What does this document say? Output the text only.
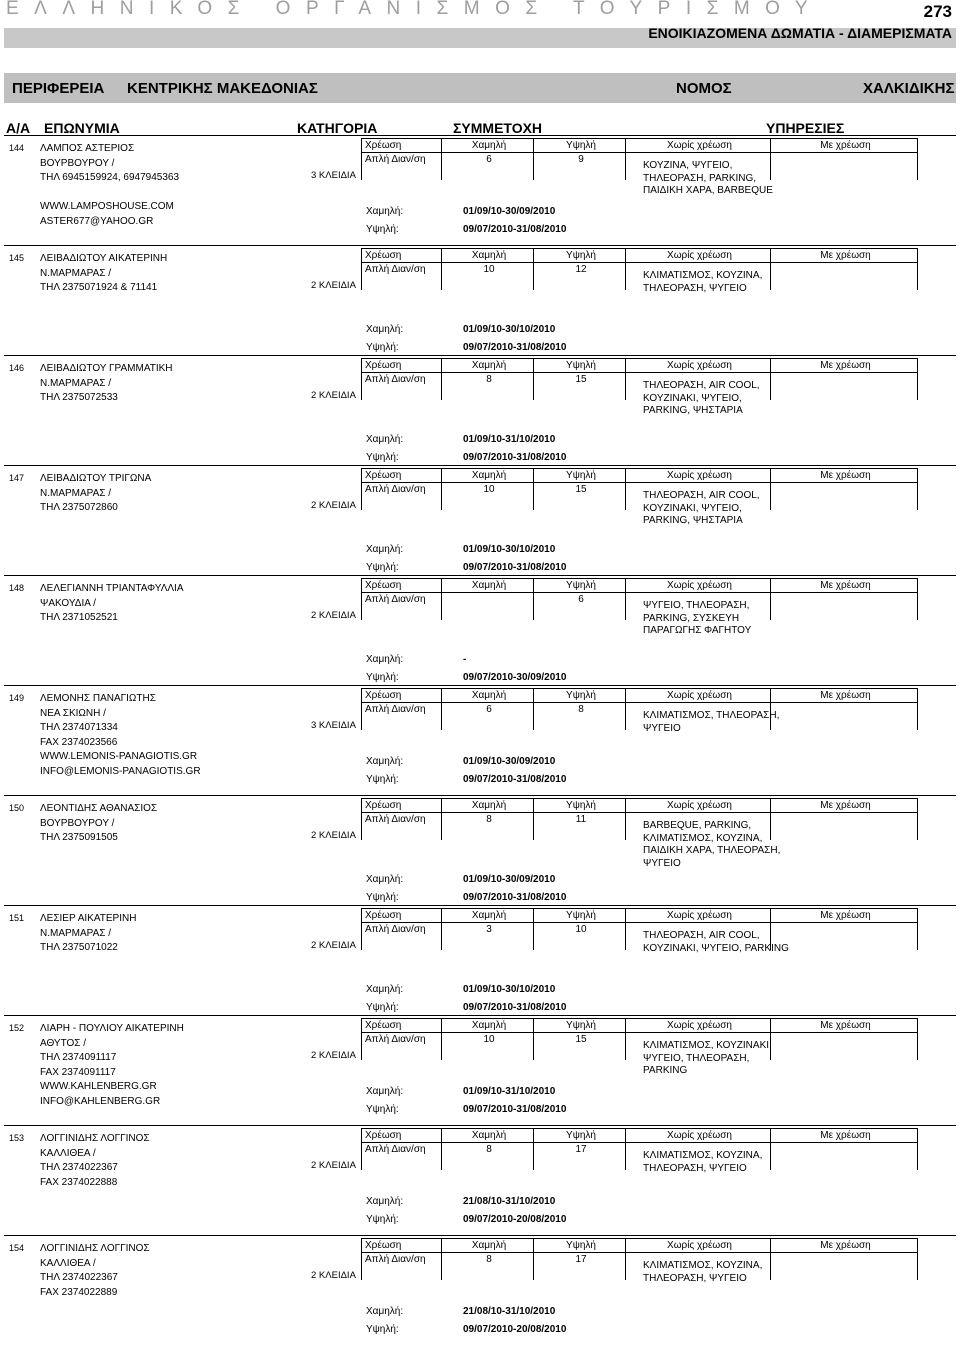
ΕΛΛΗΝΙΚΟΣ ΟΡΓΑΝΙΣΜΟΣ ΤΟΥΡΙΣΜΟΥ	273
ΕΝΟΙΚΙΑΖΟΜΕΝΑ ΔΩΜΑΤΙΑ - ΔΙΑΜΕΡΙΣΜΑΤΑ
ΠΕΡΙΦΕΡΕΙΑ ΚΕΝΤΡΙΚΗΣ ΜΑΚΕΔΟΝΙΑΣ	ΝΟΜΟΣ	ΧΑΛΚΙΔΙΚΗΣ
Α/Α ΕΠΩΝΥΜΙΑ	ΚΑΤΗΓΟΡΙΑ	ΣΥΜΜΕΤΟΧΗ	ΥΠΗΡΕΣΙΕΣ
144 ΛΑΜΠΟΣ ΑΣΤΕΡΙΟΣ
ΒΟΥΡΒΟΥΡΟΥ /
ΤΗΛ 6945159924, 6947945363
WWW.LAMPOSHOUSE.COM
ASTER677@YAHOO.GR
3 ΚΛΕΙΔΙΑ
Χρέωση	Χαμηλή	Υψηλή	Χωρίς χρέωση	Με χρέωση
Απλή Διαν/ση	6	9		

ΚΟΥΖΙΝΑ, ΨΥΓΕΙΟ,
ΤΗΛΕΟΡΑΣΗ, PARKING,
ΠΑΙΔΙΚΗ ΧΑΡΑ, BARBEQUE
Χαμηλή:	01/09/10-30/09/2010
Υψηλή:	09/07/2010-31/08/2010
145 ΛΕΙΒΑΔΙΩΤΟΥ ΑΙΚΑΤΕΡΙΝΗ
Ν.ΜΑΡΜΑΡΑΣ /
ΤΗΛ 2375071924 & 71141	2 ΚΛΕΙΔΙΑ
Χρέωση	Χαμηλή	Υψηλή	Χωρίς χρέωση	Με χρέωση
Απλή Διαν/ση	10	12		

ΚΛΙΜΑΤΙΣΜΟΣ, ΚΟΥΖΙΝΑ,
ΤΗΛΕΟΡΑΣΗ, ΨΥΓΕΙΟ
Χαμηλή:	01/09/10-30/10/2010
Υψηλή:	09/07/2010-31/08/2010
146 ΛΕΙΒΑΔΙΩΤΟΥ ΓΡΑΜΜΑΤΙΚΗ
Ν.ΜΑΡΜΑΡΑΣ /
ΤΗΛ 2375072533	2 ΚΛΕΙΔΙΑ
Χρέωση	Χαμηλή	Υψηλή	Χωρίς χρέωση	Με χρέωση
Απλή Διαν/ση	8	15		

ΤΗΛΕΟΡΑΣΗ, AIR COOL,
ΚΟΥΖΙΝΑΚΙ, ΨΥΓΕΙΟ,
PARKING, ΨΗΣΤΑΡΙΑ
Χαμηλή:	01/09/10-31/10/2010
Υψηλή:	09/07/2010-31/08/2010
147 ΛΕΙΒΑΔΙΩΤΟΥ ΤΡΙΓΩΝΑ
Ν.ΜΑΡΜΑΡΑΣ /
ΤΗΛ 2375072860	2 ΚΛΕΙΔΙΑ
Χρέωση	Χαμηλή	Υψηλή	Χωρίς χρέωση	Με χρέωση
Απλή Διαν/ση	10	15		

ΤΗΛΕΟΡΑΣΗ, AIR COOL,
ΚΟΥΖΙΝΑΚΙ, ΨΥΓΕΙΟ,
PARKING, ΨΗΣΤΑΡΙΑ
Χαμηλή:	01/09/10-30/10/2010
Υψηλή:	09/07/2010-31/08/2010
148 ΛΕΛΕΓΙΑΝΝΗ ΤΡΙΑΝΤΑΦΥΛΛΙΑ
ΨΑΚΟΥΔΙΑ /
ΤΗΛ 2371052521	2 ΚΛΕΙΔΙΑ
Χρέωση	Χαμηλή	Υψηλή	Χωρίς χρέωση	Με χρέωση
Απλή Διαν/ση		6		

ΨΥΓΕΙΟ, ΤΗΛΕΟΡΑΣΗ,
PARKING, ΣΥΣΚΕΥΗ
ΠΑΡΑΓΩΓΗΣ ΦΑΓΗΤΟΥ
Χαμηλή:	-
Υψηλή:	09/07/2010-30/09/2010
149 ΛΕΜΟΝΗΣ ΠΑΝΑΓΙΩΤΗΣ
ΝΕΑ ΣΚΙΩΝΗ /
ΤΗΛ 2374071334
FAX 2374023566
WWW.LEMONIS-PANAGIOTIS.GR
INFO@LEMONIS-PANAGIOTIS.GR
3 ΚΛΕΙΔΙΑ
Χρέωση	Χαμηλή	Υψηλή	Χωρίς χρέωση	Με χρέωση
Απλή Διαν/ση	6	8		

ΚΛΙΜΑΤΙΣΜΟΣ, ΤΗΛΕΟΡΑΣΗ,
ΨΥΓΕΙΟ
Χαμηλή:	01/09/10-30/09/2010
Υψηλή:	09/07/2010-31/08/2010
150 ΛΕΟΝΤΙΔΗΣ ΑΘΑΝΑΣΙΟΣ
ΒΟΥΡΒΟΥΡΟΥ /
ΤΗΛ 2375091505	2 ΚΛΕΙΔΙΑ
Χρέωση	Χαμηλή	Υψηλή	Χωρίς χρέωση	Με χρέωση
Απλή Διαν/ση	8	11		

BARBEQUE, PARKING,
ΚΛΙΜΑΤΙΣΜΟΣ, ΚΟΥΖΙΝΑ,
ΠΑΙΔΙΚΗ ΧΑΡΑ, ΤΗΛΕΟΡΑΣΗ,
ΨΥΓΕΙΟ
Χαμηλή:	01/09/10-30/09/2010
Υψηλή:	09/07/2010-31/08/2010
151 ΛΕΣΙΕΡ ΑΙΚΑΤΕΡΙΝΗ
Ν.ΜΑΡΜΑΡΑΣ /
ΤΗΛ 2375071022	2 ΚΛΕΙΔΙΑ
Χρέωση	Χαμηλή	Υψηλή	Χωρίς χρέωση	Με χρέωση
Απλή Διαν/ση	3	10		

ΤΗΛΕΟΡΑΣΗ, AIR COOL,
ΚΟΥΖΙΝΑΚΙ, ΨΥΓΕΙΟ, PARKING
Χαμηλή:	01/09/10-30/10/2010
Υψηλή:	09/07/2010-31/08/2010
152 ΛΙΑΡΗ - ΠΟΥΛΙΟΥ ΑΙΚΑΤΕΡΙΝΗ
ΑΘΥΤΟΣ /
ΤΗΛ 2374091117
FAX 2374091117
WWW.KAHLENBERG.GR
INFO@KAHLENBERG.GR
2 ΚΛΕΙΔΙΑ
Χρέωση	Χαμηλή	Υψηλή	Χωρίς χρέωση	Με χρέωση
Απλή Διαν/ση	10	15		

ΚΛΙΜΑΤΙΣΜΟΣ, ΚΟΥΖΙΝΑΚΙ,
ΨΥΓΕΙΟ, ΤΗΛΕΟΡΑΣΗ,
PARKING
Χαμηλή:	01/09/10-31/10/2010
Υψηλή:	09/07/2010-31/08/2010
153 ΛΟΓΓΙΝΙΔΗΣ ΛΟΓΓΙΝΟΣ
ΚΑΛΛΙΘΕΑ /
ΤΗΛ 2374022367
FAX 2374022888
2 ΚΛΕΙΔΙΑ
Χρέωση	Χαμηλή	Υψηλή	Χωρίς χρέωση	Με χρέωση
Απλή Διαν/ση	8	17		

ΚΛΙΜΑΤΙΣΜΟΣ, ΚΟΥΖΙΝΑ,
ΤΗΛΕΟΡΑΣΗ, ΨΥΓΕΙΟ
Χαμηλή:	21/08/10-31/10/2010
Υψηλή:	09/07/2010-20/08/2010
154 ΛΟΓΓΙΝΙΔΗΣ ΛΟΓΓΙΝΟΣ
ΚΑΛΛΙΘΕΑ /
ΤΗΛ 2374022367
FAX 2374022889
2 ΚΛΕΙΔΙΑ
Χρέωση	Χαμηλή	Υψηλή	Χωρίς χρέωση	Με χρέωση
Απλή Διαν/ση	8	17		

ΚΛΙΜΑΤΙΣΜΟΣ, ΚΟΥΖΙΝΑ,
ΤΗΛΕΟΡΑΣΗ, ΨΥΓΕΙΟ
Χαμηλή:	21/08/10-31/10/2010
Υψηλή:	09/07/2010-20/08/2010
